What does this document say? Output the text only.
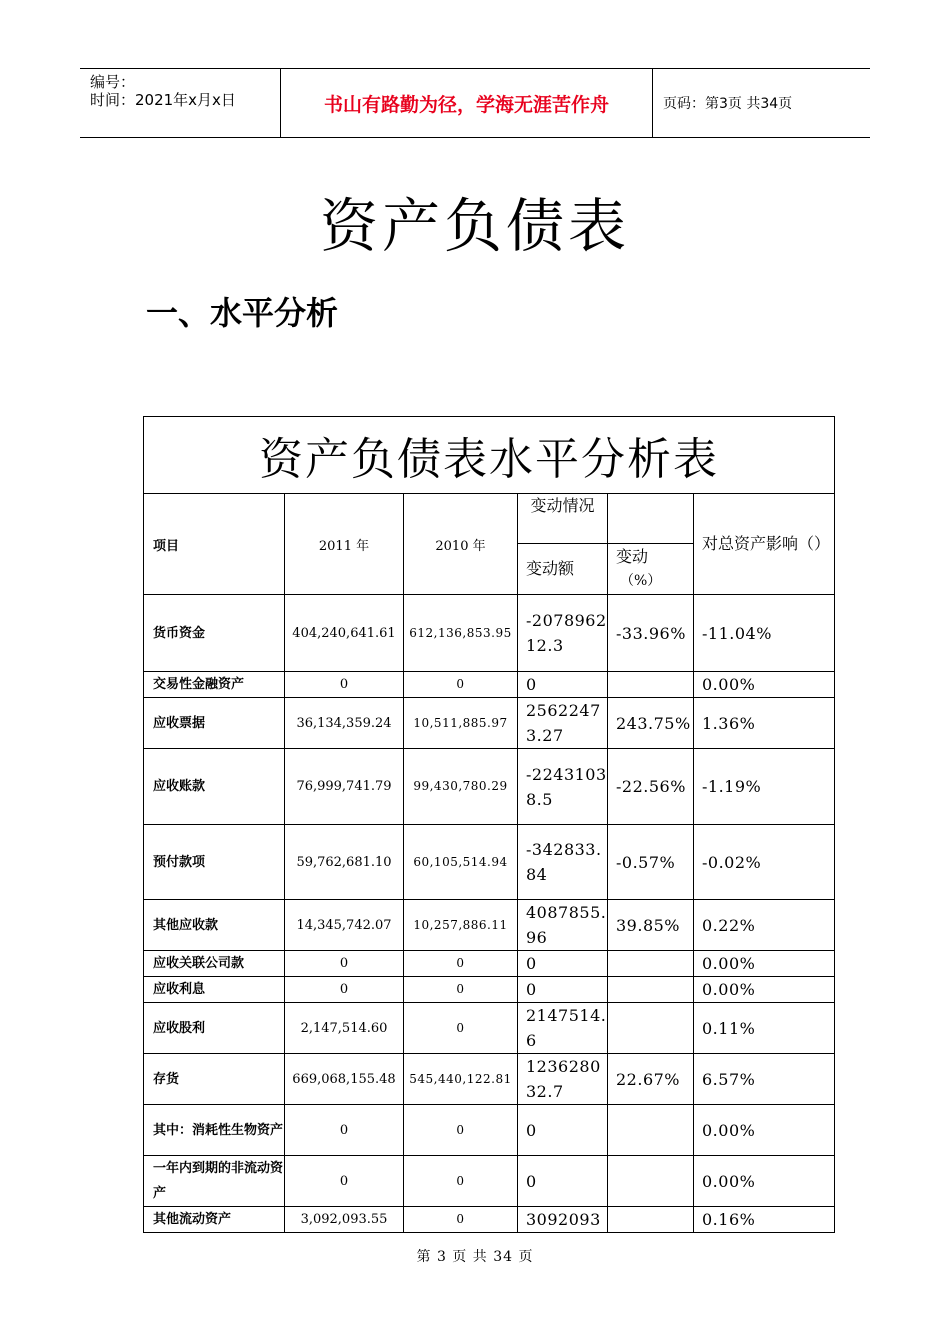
编号：
时间：2021年x月x日	书山有路勤为径，学海无涯苦作舟	页码：第3页 共34页
资产负债表
一、水平分析
资产负债表水平分析表					
项目	2011 年	2010 年	变动情况		对总资产影响（）
			变动额	变动
（%）	

货币资金	404,240,641.61	612,136,853.95	-207896212.3	-33.96%	-11.04%
交易性金融资产	0	0	0		0.00%
应收票据	36,134,359.24	10,511,885.97	25622473.27	243.75%	1.36%
应收账款	76,999,741.79	99,430,780.29	-22431038.5	-22.56%	-1.19%
预付款项	59,762,681.10	60,105,514.94	-342833.84	-0.57%	-0.02%
其他应收款	14,345,742.07	10,257,886.11	4087855.96	39.85%	0.22%
应收关联公司款	0	0	0		0.00%
应收利息	0	0	0		0.00%
应收股利	2,147,514.60	0	2147514.6		0.11%
存货	669,068,155.48	545,440,122.81	123628032.7	22.67%	6.57%
其中：消耗性生物资产	0	0	0		0.00%
一年内到期的非流动资产	0	0	0		0.00%
其他流动资产	3,092,093.55	0	3092093		0.16%
第 3 页 共 34 页
